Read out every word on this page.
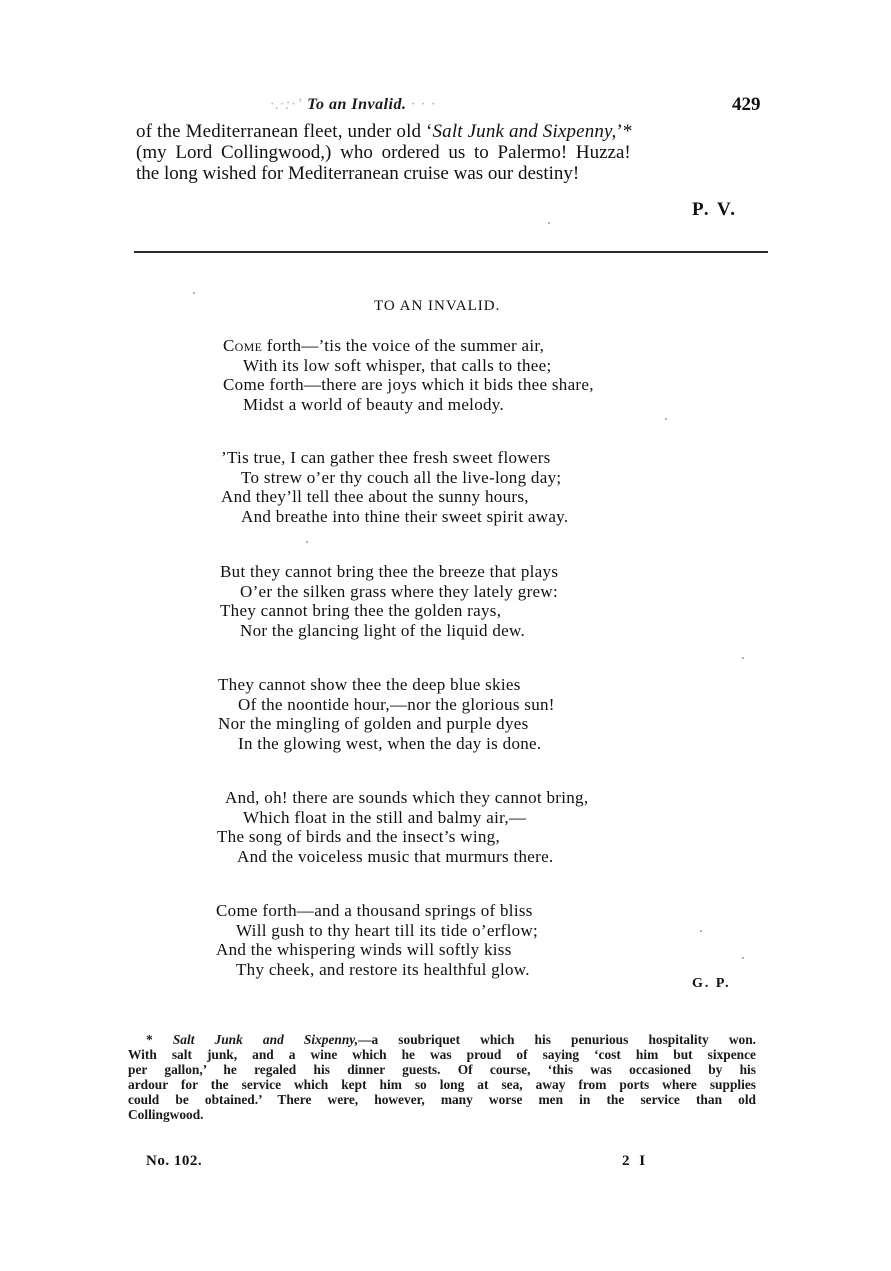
·.·:·’ To an Invalid. · · ·	429
of the Mediterranean fleet, under old ‘Salt Junk and Sixpenny,’*
(my Lord Collingwood,) who ordered us to Palermo! Huzza!
the long wished for Mediterranean cruise was our destiny!
P. V.
TO AN INVALID.
Come forth—’tis the voice of the summer air,
With its low soft whisper, that calls to thee;
Come forth—there are joys which it bids thee share,
Midst a world of beauty and melody.
’Tis true, I can gather thee fresh sweet flowers
To strew o’er thy couch all the live-long day;
And they’ll tell thee about the sunny hours,
And breathe into thine their sweet spirit away.
But they cannot bring thee the breeze that plays
O’er the silken grass where they lately grew:
They cannot bring thee the golden rays,
Nor the glancing light of the liquid dew.
They cannot show thee the deep blue skies
Of the noontide hour,—nor the glorious sun!
Nor the mingling of golden and purple dyes
In the glowing west, when the day is done.
And, oh! there are sounds which they cannot bring,
Which float in the still and balmy air,—
The song of birds and the insect’s wing,
And the voiceless music that murmurs there.
Come forth—and a thousand springs of bliss
Will gush to thy heart till its tide o’erflow;
And the whispering winds will softly kiss
Thy cheek, and restore its healthful glow.
G. P.
* Salt Junk and Sixpenny,—a soubriquet which his penurious hospitality won.
With salt junk, and a wine which he was proud of saying ‘cost him but sixpence
per gallon,’ he regaled his dinner guests. Of course, ‘this was occasioned by his
ardour for the service which kept him so long at sea, away from ports where supplies
could be obtained.’ There were, however, many worse men in the service than old
Collingwood.
No. 102.	2 I
